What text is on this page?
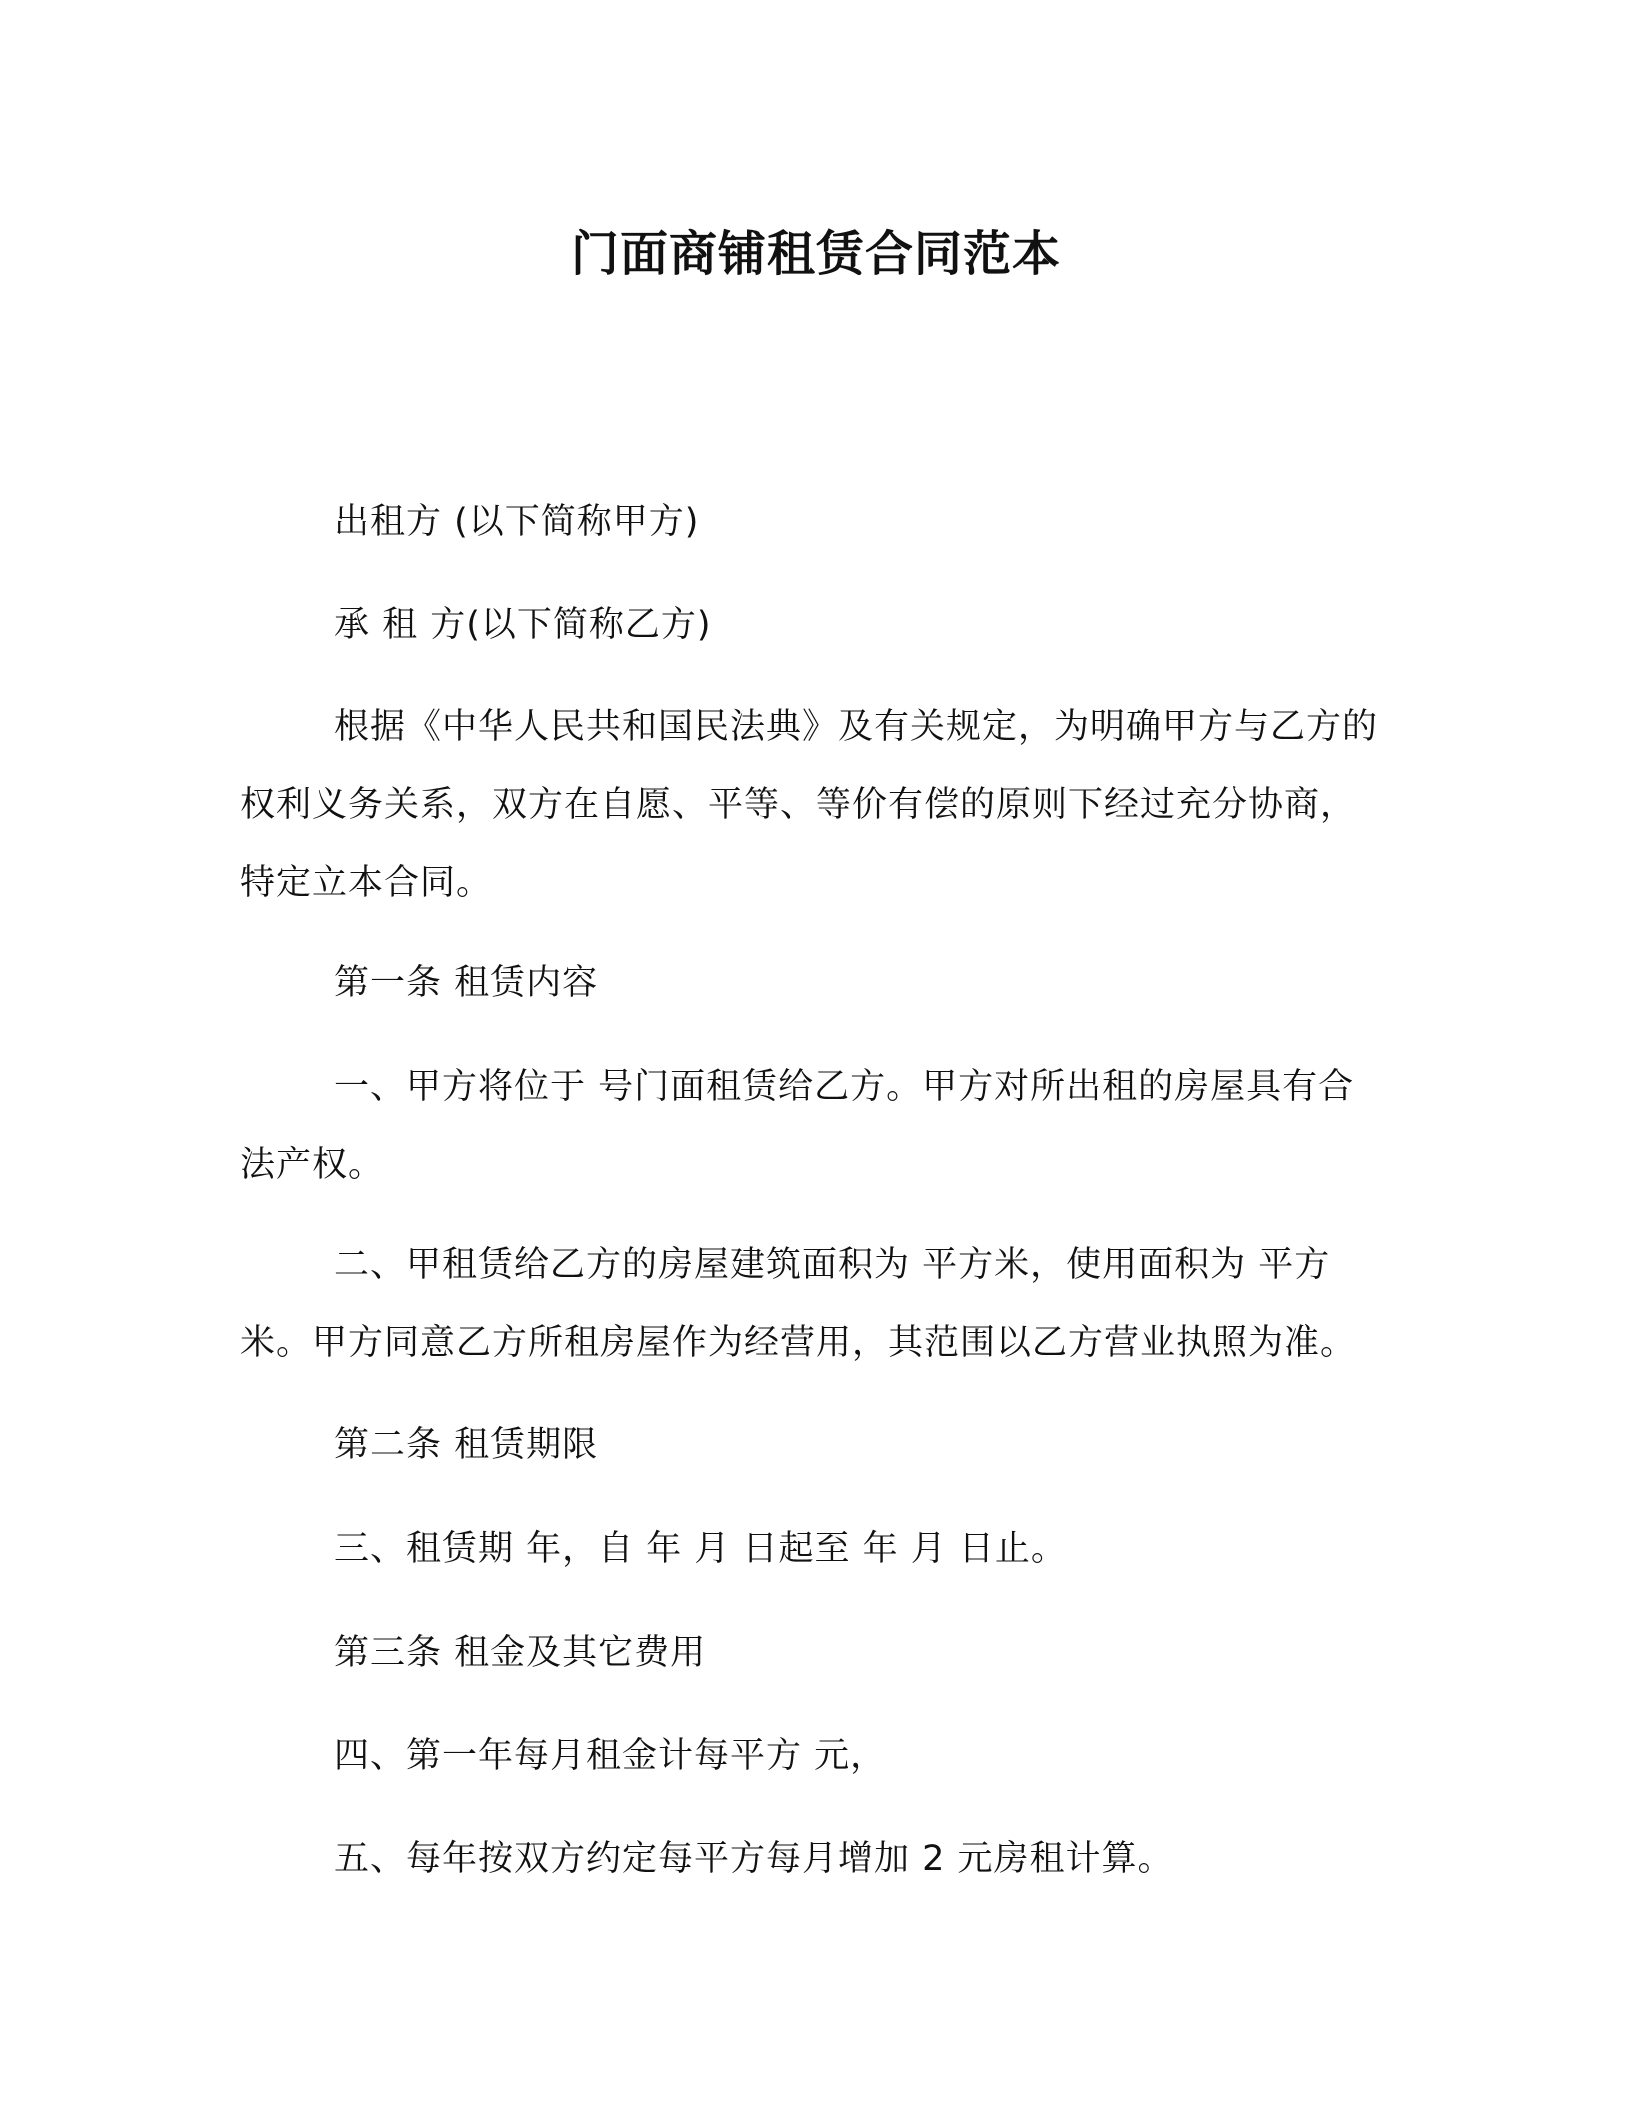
门面商铺租赁合同范本

出租方 (以下简称甲方)

承 租 方(以下简称乙方)

根据《中华人民共和国民法典》及有关规定，为明确甲方与乙方的权利义务关系，双方在自愿、平等、等价有偿的原则下经过充分协商，特定立本合同。

第一条 租赁内容

一、甲方将位于 号门面租赁给乙方。甲方对所出租的房屋具有合法产权。

二、甲租赁给乙方的房屋建筑面积为 平方米，使用面积为 平方米。甲方同意乙方所租房屋作为经营用，其范围以乙方营业执照为准。

第二条 租赁期限

三、租赁期 年，自 年 月 日起至 年 月 日止。

第三条 租金及其它费用

四、第一年每月租金计每平方 元，

五、每年按双方约定每平方每月增加 2 元房租计算。
